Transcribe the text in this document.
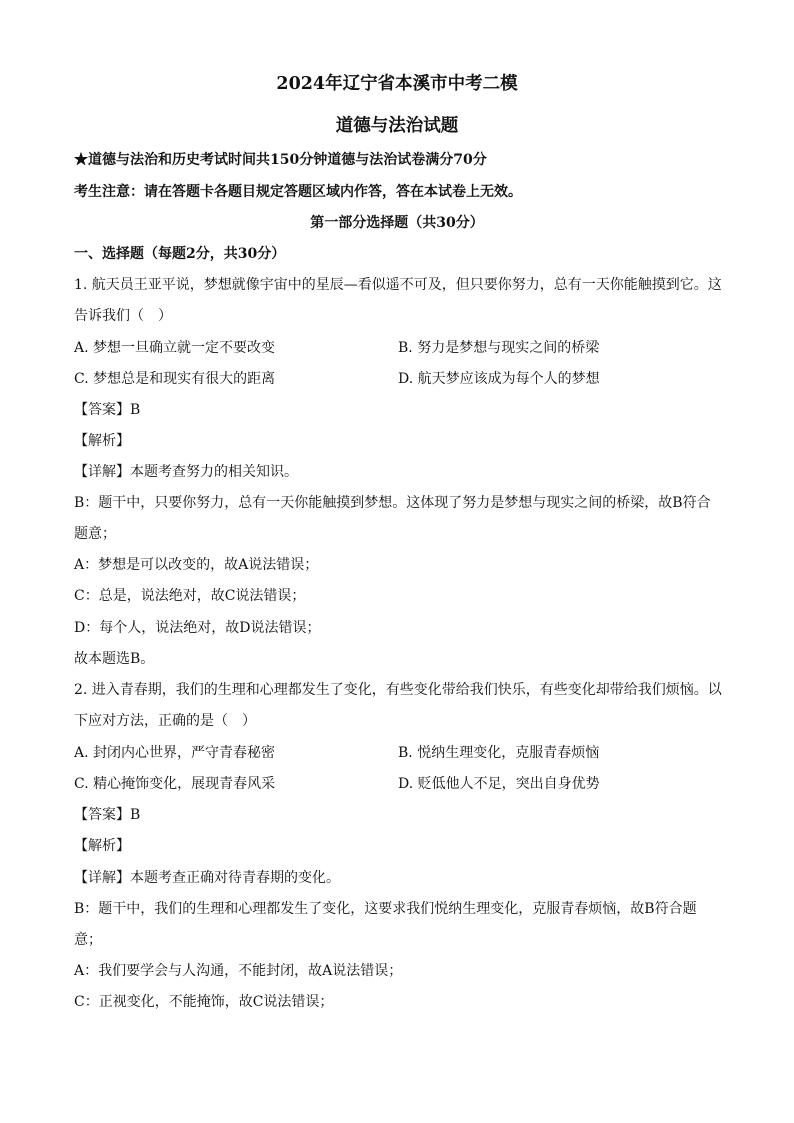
2024年辽宁省本溪市中考二模
道德与法治试题
★道德与法治和历史考试时间共150分钟道德与法治试卷满分70分
考生注意：请在答题卡各题目规定答题区域内作答，答在本试卷上无效。
第一部分选择题（共30分）
一、选择题（每题2分，共30分）
1. 航天员王亚平说，梦想就像宇宙中的星辰—看似遥不可及，但只要你努力，总有一天你能触摸到它。这
告诉我们（　）
A. 梦想一旦确立就一定不要改变	B. 努力是梦想与现实之间的桥梁
C. 梦想总是和现实有很大的距离	D. 航天梦应该成为每个人的梦想
【答案】B
【解析】
【详解】本题考查努力的相关知识。
B：题干中，只要你努力，总有一天你能触摸到梦想。这体现了努力是梦想与现实之间的桥梁，故B符合
题意；
A：梦想是可以改变的，故A说法错误；
C：总是，说法绝对，故C说法错误；
D：每个人，说法绝对，故D说法错误；
故本题选B。
2. 进入青春期，我们的生理和心理都发生了变化，有些变化带给我们快乐，有些变化却带给我们烦恼。以
下应对方法，正确的是（　）
A. 封闭内心世界，严守青春秘密	B. 悦纳生理变化，克服青春烦恼
C. 精心掩饰变化，展现青春风采	D. 贬低他人不足，突出自身优势
【答案】B
【解析】
【详解】本题考查正确对待青春期的变化。
B：题干中，我们的生理和心理都发生了变化，这要求我们悦纳生理变化，克服青春烦恼，故B符合题
意；
A：我们要学会与人沟通，不能封闭，故A说法错误；
C：正视变化，不能掩饰，故C说法错误；
